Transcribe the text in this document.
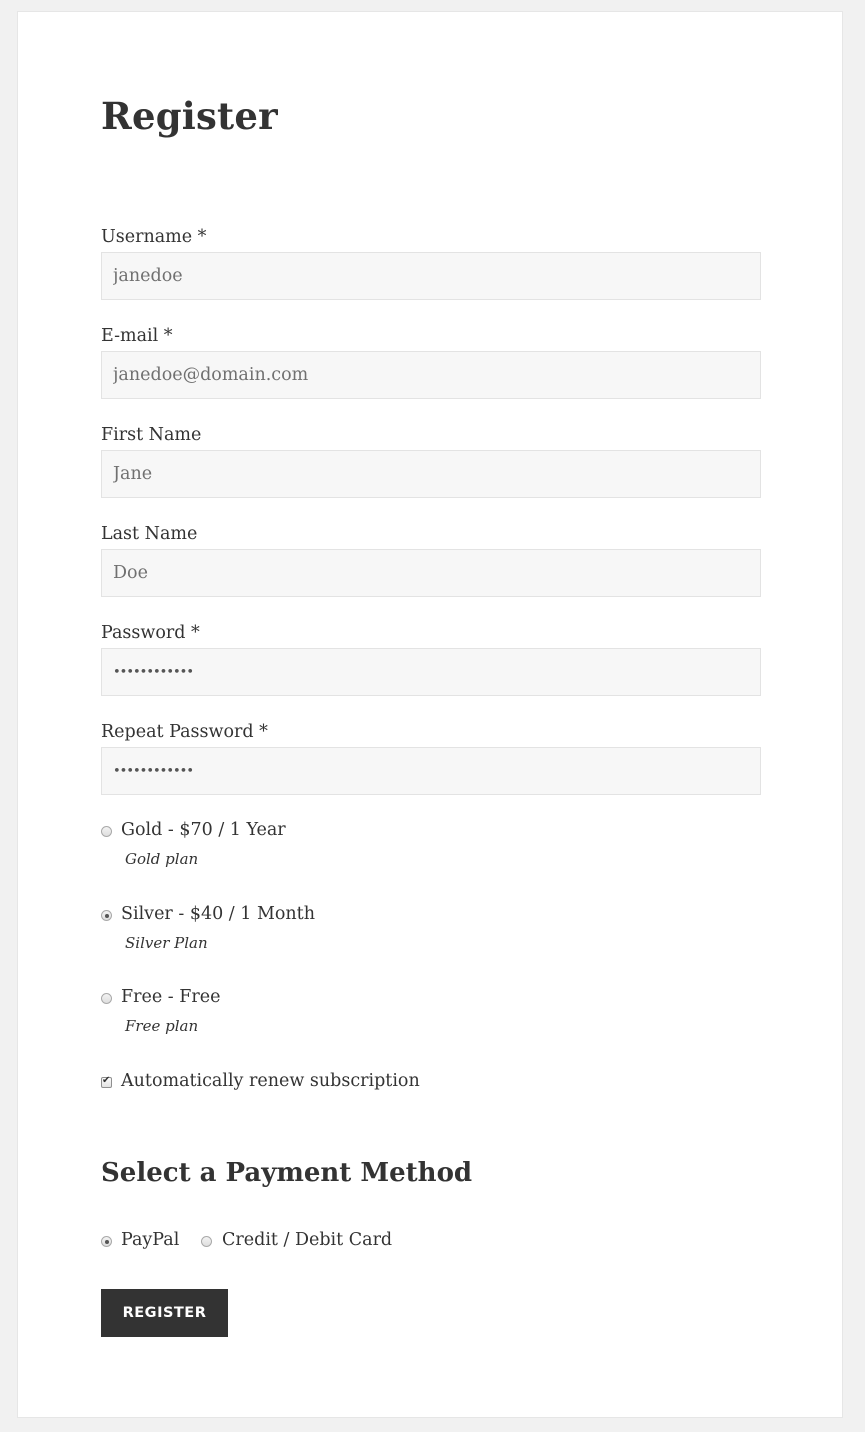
Register
Username *
janedoe
E-mail *
janedoe@domain.com
First Name
Jane
Last Name
Doe
Password *
••••••••••••
Repeat Password *
••••••••••••
Gold - $70 / 1 Year
Gold plan
Silver - $40 / 1 Month
Silver Plan
Free - Free
Free plan
✔ Automatically renew subscription
Select a Payment Method
PayPal Credit / Debit Card
REGISTER
